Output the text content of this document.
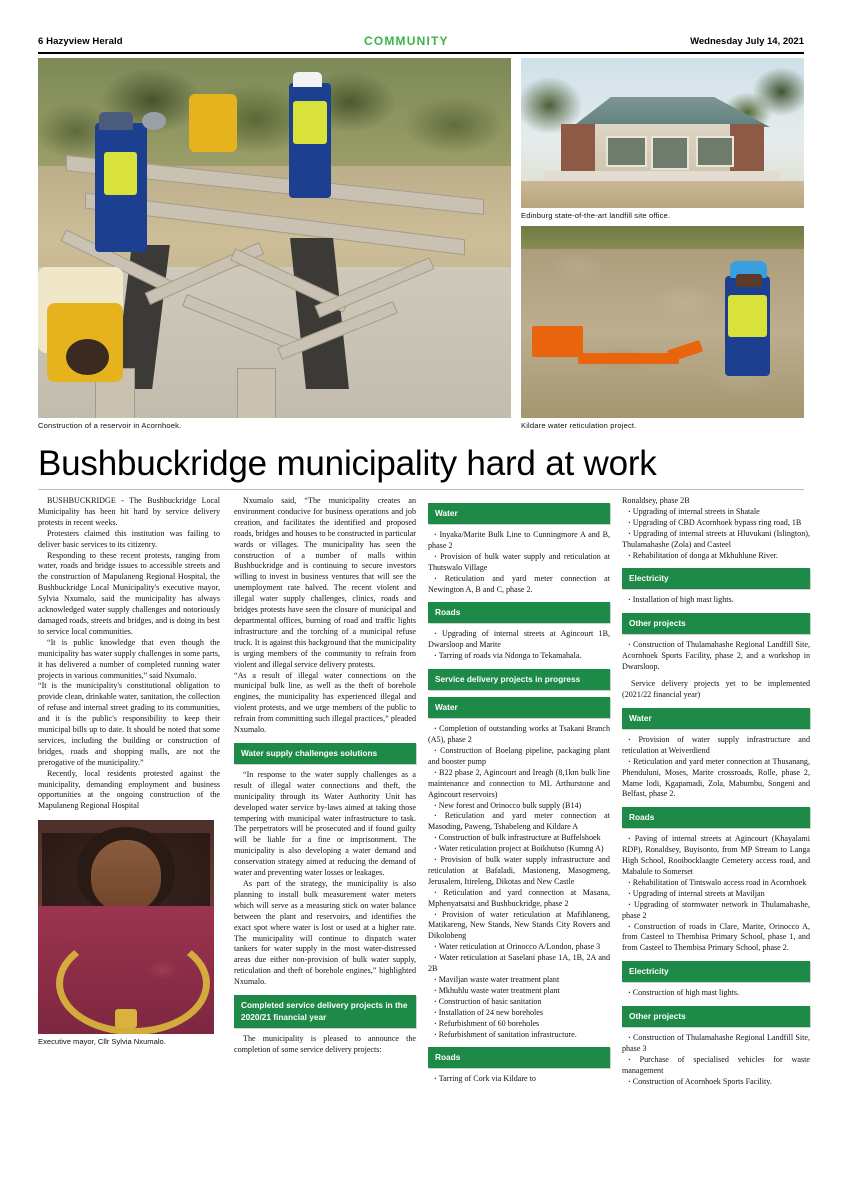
6 Hazyview Herald	COMMUNITY	Wednesday July 14, 2021
Construction of a reservoir in Acornhoek.
Edinburg state-of-the-art landfill site office.
Kildare water reticulation project.
Bushbuckridge municipality hard at work

BUSHBUCKRIDGE - The Bushbuckridge Local Municipality has been hit hard by service delivery protests in recent weeks.

Protesters claimed this institution was failing to deliver basic services to its citizenry.

Responding to these recent protests, ranging from water, roads and bridge issues to accessible streets and the construction of Mapulaneng Regional Hospital, the Bushbuckridge Local Municipality's executive mayor, Sylvia Nxumalo, said the municipality has always acknowledged water supply challenges and notoriously damaged roads, streets and bridges, and is doing its best to service local communities.

“It is public knowledge that even though the municipality has water supply challenges in some parts, it has delivered a number of completed running water projects in various communities,” said Nxumalo.

“It is the municipality's constitutional obligation to provide clean, drinkable water, sanitation, the collection of refuse and internal street grading to its communities, and it is the public's responsibility to keep their municipal bills up to date. It should be noted that some services, including the building or construction of bridges, roads and shopping malls, are not the prerogative of the municipality.”

Recently, local residents protested against the municipality, demanding employment and business opportunities at the ongoing construction of the Mapulaneng Regional Hospital

Executive mayor, Cllr Sylvia Nxumalo.

Nxumalo said, “The municipality creates an environment conducive for business operations and job creation, and facilitates the identified and proposed roads, bridges and houses to be constructed in particular wards or villages. The municipality has seen the construction of a number of malls within Bushbuckridge and is continuing to secure investors willing to invest in business ventures that will see the unemployment rate halved. The recent violent and illegal water supply challenges, clinics, roads and bridges protests have seen the closure of municipal and departmental offices, burning of road and traffic lights infrastructure and the torching of a municipal refuse truck. It is against this background that the municipality is urging members of the community to refrain from violent and illegal service delivery protests.

“As a result of illegal water connections on the municipal bulk line, as well as the theft of borehole engines, the municipality has experienced illegal and violent protests, and we urge members of the public to refrain from committing such illegal practices,” pleaded Nxumalo.

Water supply challenges solutions

“In response to the water supply challenges as a result of illegal water connections and theft, the municipality through its Water Authority Unit has developed water service by-laws aimed at taking those tempering with municipal water infrastructure to task. The perpetrators will be prosecuted and if found guilty will be liable for a fine or imprisonment. The municipality is also developing a water demand and conservation strategy aimed at reducing the demand of water and preventing water losses or leakages.

As part of the strategy, the municipality is also planning to install bulk measurement water meters which will serve as a measuring stick on water balance between the plant and reservoirs, and identifies the exact spot where water is lost or used at a higher rate. The municipality will continue to dispatch water tankers for water supply in the most water-distressed areas due either non-provision of bulk water supply, reticulation and theft of borehole engines,” highlighted Nxumalo.

Completed service delivery projects in the 2020/21 financial year

The municipality is pleased to announce the completion of some service delivery projects:

Water
· Inyaka/Marite Bulk Line to Cunningmore A and B, phase 2
· Provision of bulk water supply and reticulation at Thutswalo Village
· Reticulation and yard meter connection at Newington A, B and C, phase 2.
Roads
· Upgrading of internal streets at Agincourt 1B, Dwarsloop and Marite
· Tarring of roads via Ndonga to Tekamahala.
Service delivery projects in progress
Water
· Completion of outstanding works at Tsakani Branch (A5), phase 2
· Construction of Boelang pipeline, packaging plant and booster pump
· B22 phase 2, Agincourt and Ireagh (8,1km bulk line maintenance and connection to ML Arthurstone and Agincourt reservoirs)
· New forest and Orinocco bulk supply (B14)
· Reticulation and yard meter connection at Masoding, Paweng, Tshabeleng and Kildare A
· Construction of bulk infrastructure at Buffelshoek
· Water reticulation project at Boikhutso (Kumng A)
· Provision of bulk water supply infrastructure and reticulation at Bafaladi, Masioneng, Masogmeng, Jerusalem, Itireleng, Dikotas and New Castle
· Reticulation and yard connection at Masana, Mphenyatsatsi and Bushbuckridge, phase 2
· Provision of water reticulation at Mafihlaneng, Matikareng, New Stands, New Stands City Rovers and Dikolobeng
· Water reticulation at Orinocco A/London, phase 3
· Water reticulation at Saselani phase 1A, 1B, 2A and 2B
· Maviljan waste water treatment plant
· Mkhuhlu waste water treatment plant
· Construction of basic sanitation
· Installation of 24 new boreholes
· Refurbishment of 60 boreholes
· Refurbishment of sanitation infrastructure.
Roads
· Tarring of Cork via Kildare to

Ronaldsey, phase 2B

· Upgrading of internal streets in Shatale
· Upgrading of CBD Acornhoek bypass ring road, 1B
· Upgrading of internal streets at Hluvukani (Islington), Thulamahashe (Zola) and Casteel
· Rehabilitation of donga at Mkhuhlune River.
Electricity
· Installation of high mast lights.
Other projects
· Construction of Thulamahashe Regional Landfill Site, Acornhoek Sports Facility, phase 2, and a workshop in Dwarsloop.

Service delivery projects yet to be implemented (2021/22 financial year)

Water
· Provision of water supply infrastructure and reticulation at Weiverdiend
· Reticulation and yard meter connection at Thusanang, Phenduluni, Moses, Marite crossroads, Rolle, phase 2, Mame lodi, Kgapamadi, Zola, Mabumbu, Songeni and Belfast, phase 2.
Roads
· Paving of internal streets at Agincourt (Khayalami RDP), Ronaldsey, Buyisonto, from MP Stream to Langa High School, Rooibocklaagte Cemetery access road, and Mabalule to Somerset
· Rehabilitation of Tintswalo access road in Acornhoek
· Upgrading of internal streets at Maviljan
· Upgrading of stormwater network in Thulamahashe, phase 2
· Construction of roads in Clare, Marite, Orinocco A, from Casteel to Thembisa Primary School, phase 1, and from Casteel to Thembisa Primary School, phase 2.
Electricity
· Construction of high mast lights.
Other projects
· Construction of Thulamahashe Regional Landfill Site, phase 3
· Purchase of specialised vehicles for waste management
· Construction of Acornhoek Sports Facility.
